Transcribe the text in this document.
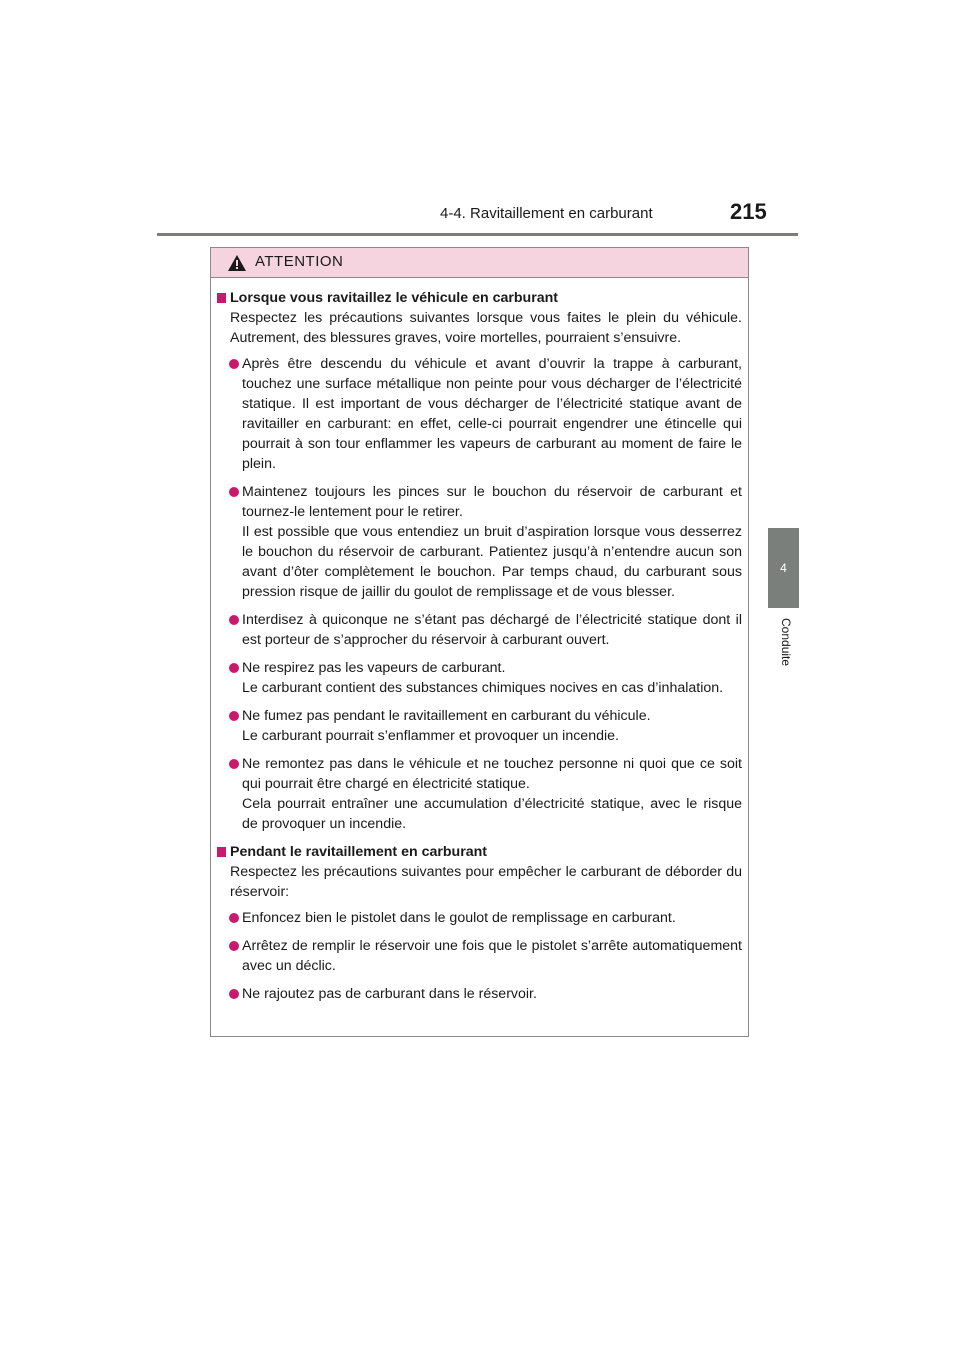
4-4. Ravitaillement en carburant	215
4
Conduite
ATTENTION
Lorsque vous ravitaillez le véhicule en carburant
Respectez les précautions suivantes lorsque vous faites le plein du véhicule. Autrement, des blessures graves, voire mortelles, pourraient s’ensuivre.

Après être descendu du véhicule et avant d’ouvrir la trappe à carburant, touchez une surface métallique non peinte pour vous décharger de l’électricité statique. Il est important de vous décharger de l’électricité statique avant de ravitailler en carburant: en effet, celle-ci pourrait engendrer une étincelle qui pourrait à son tour enflammer les vapeurs de carburant au moment de faire le plein.

Maintenez toujours les pinces sur le bouchon du réservoir de carburant et tournez-le lentement pour le retirer.

Il est possible que vous entendiez un bruit d’aspiration lorsque vous desserrez le bouchon du réservoir de carburant. Patientez jusqu’à n’entendre aucun son avant d’ôter complètement le bouchon. Par temps chaud, du carburant sous pression risque de jaillir du goulot de remplissage et de vous blesser.

Interdisez à quiconque ne s’étant pas déchargé de l’électricité statique dont il est porteur de s’approcher du réservoir à carburant ouvert.

Ne respirez pas les vapeurs de carburant.

Le carburant contient des substances chimiques nocives en cas d’inhalation.

Ne fumez pas pendant le ravitaillement en carburant du véhicule.

Le carburant pourrait s’enflammer et provoquer un incendie.

Ne remontez pas dans le véhicule et ne touchez personne ni quoi que ce soit qui pourrait être chargé en électricité statique.

Cela pourrait entraîner une accumulation d’électricité statique, avec le risque de provoquer un incendie.

Pendant le ravitaillement en carburant
Respectez les précautions suivantes pour empêcher le carburant de déborder du réservoir:

Enfoncez bien le pistolet dans le goulot de remplissage en carburant.

Arrêtez de remplir le réservoir une fois que le pistolet s’arrête automatiquement avec un déclic.

Ne rajoutez pas de carburant dans le réservoir.
